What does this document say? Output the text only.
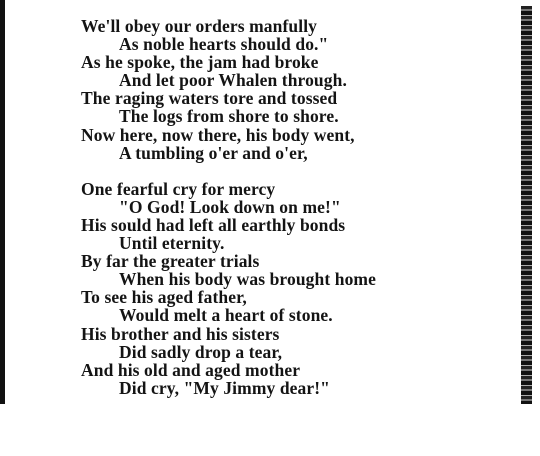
We'll obey our orders manfully
As noble hearts should do."
As he spoke, the jam had broke
And let poor Whalen through.
The raging waters tore and tossed
The logs from shore to shore.
Now here, now there, his body went,
A tumbling o'er and o'er,

One fearful cry for mercy
"O God! Look down on me!"
His sould had left all earthly bonds
Until eternity.
By far the greater trials
When his body was brought home
To see his aged father,
Would melt a heart of stone.
His brother and his sisters
Did sadly drop a tear,
And his old and aged mother
Did cry, "My Jimmy dear!"
